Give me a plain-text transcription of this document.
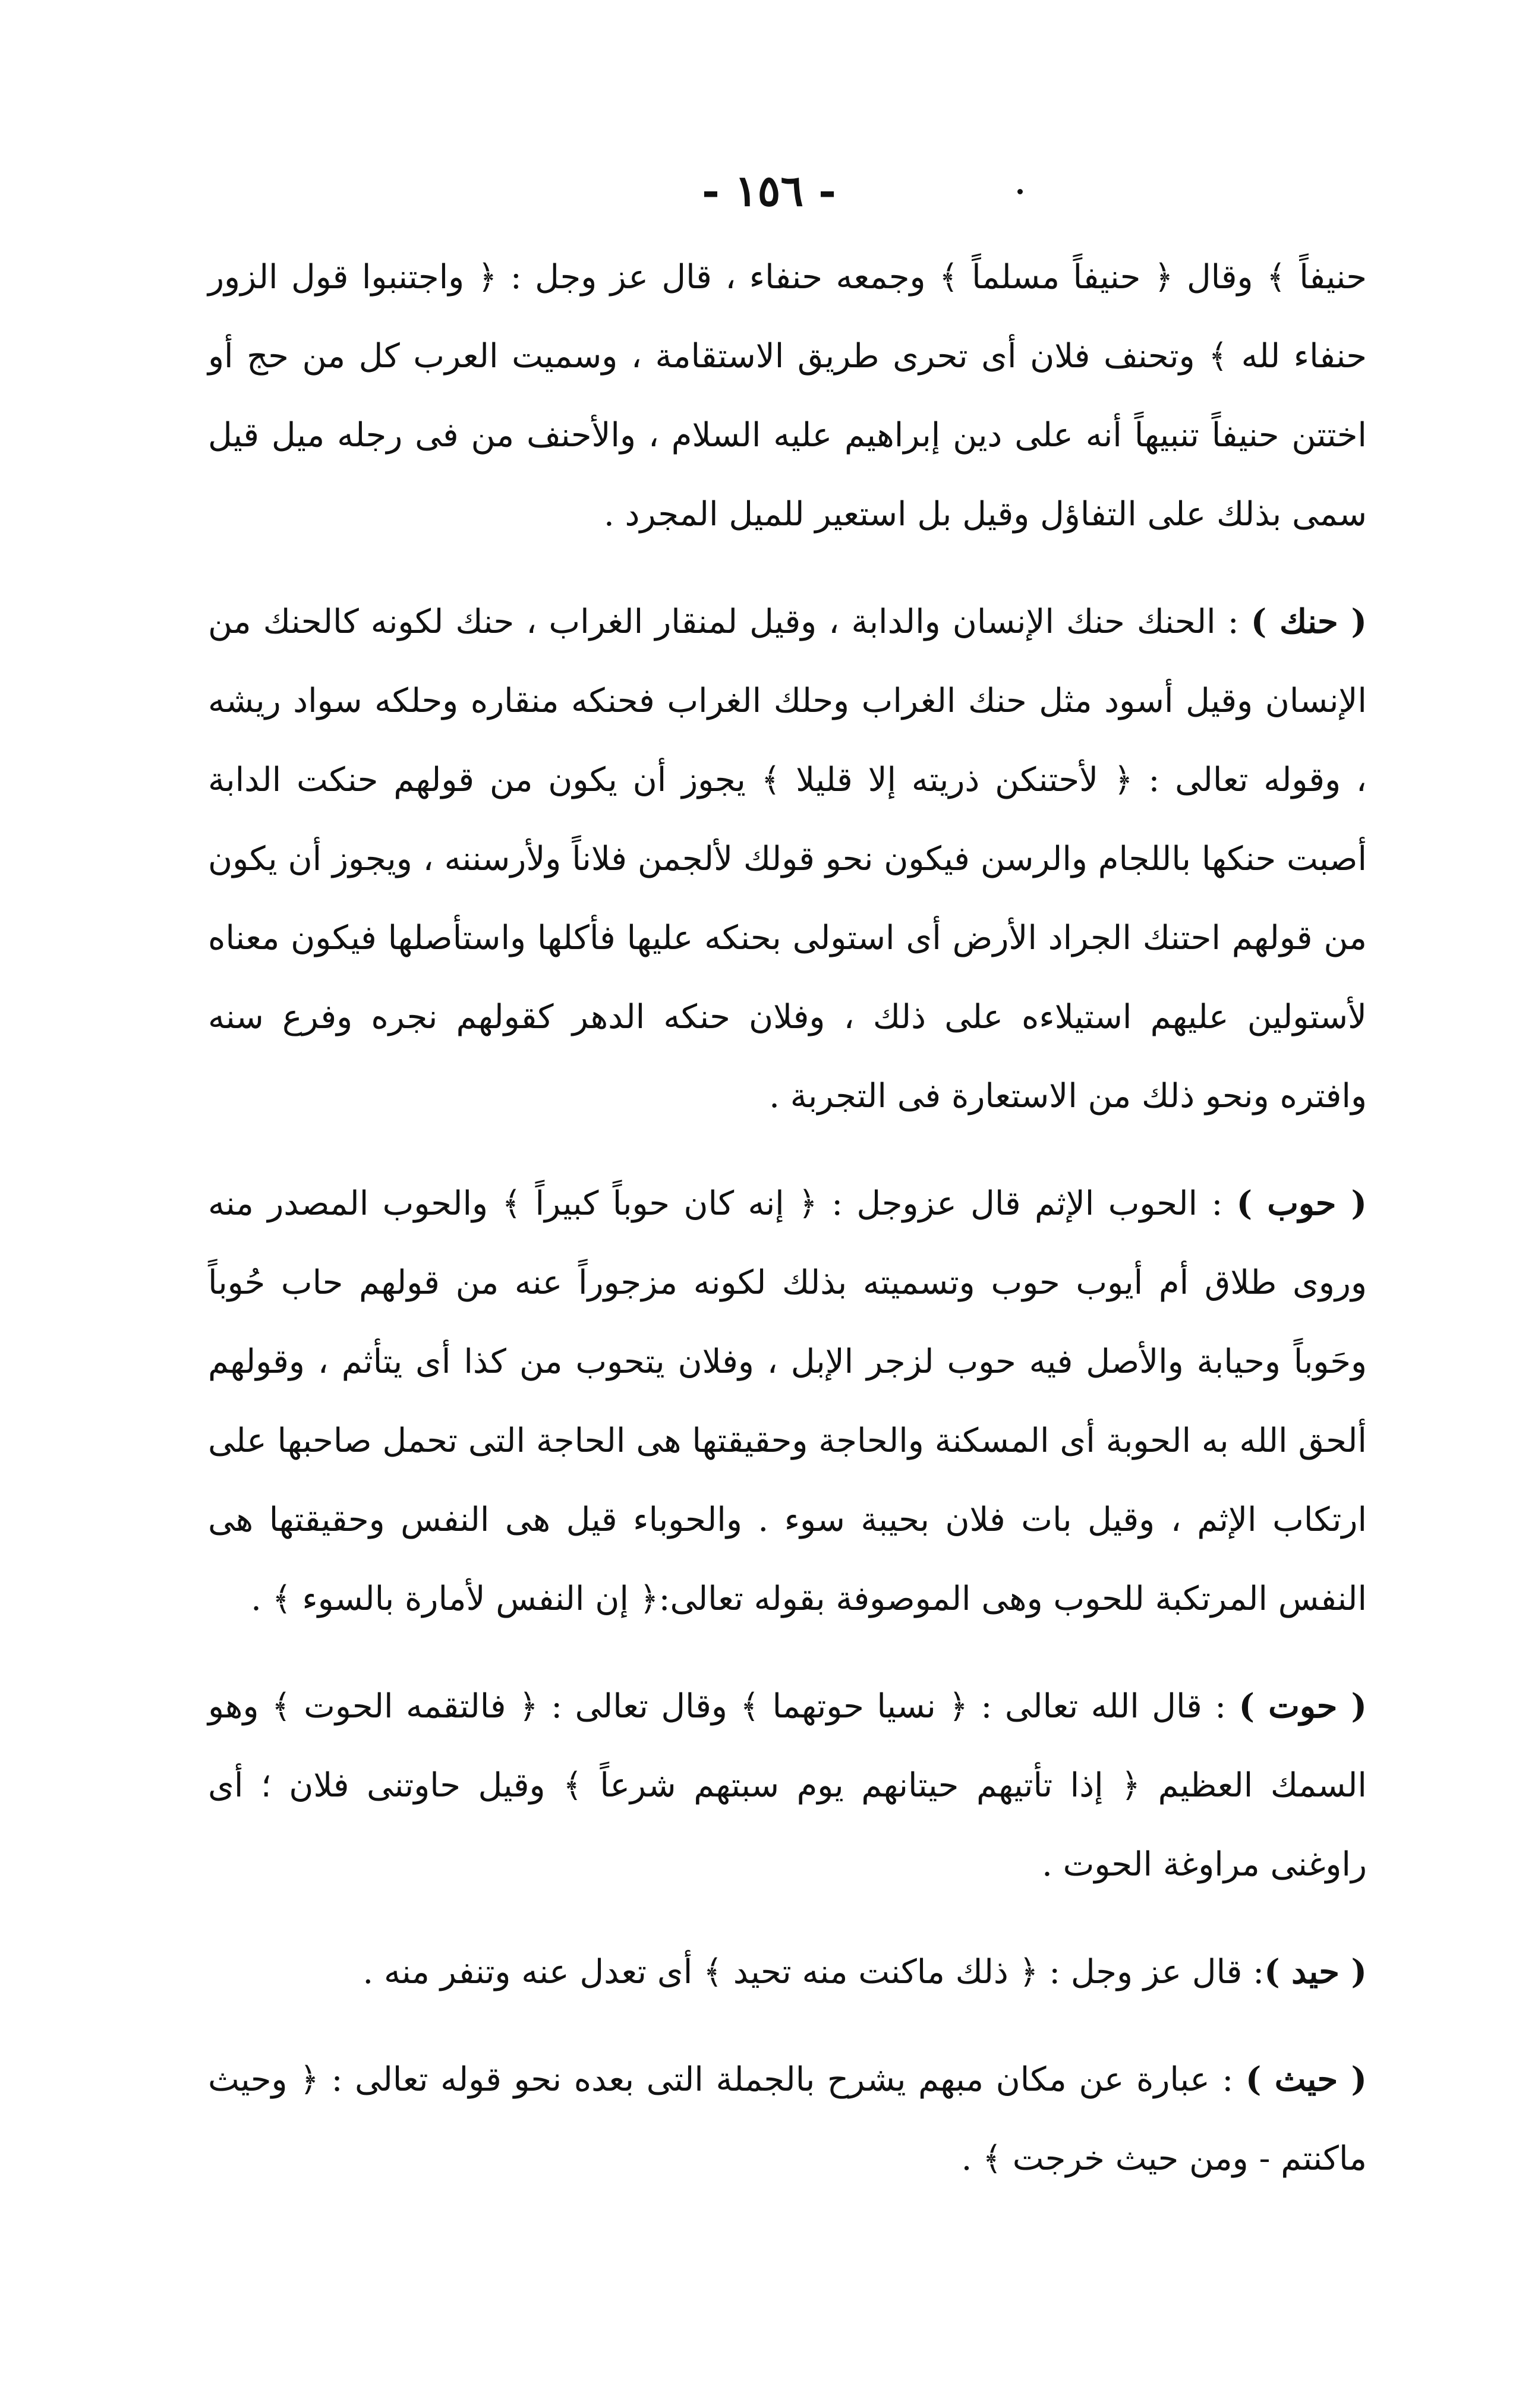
- ١٥٦ -

حنيفاً ﴾ وقال ﴿ حنيفاً مسلماً ﴾ وجمعه حنفاء ، قال عز وجل : ﴿ واجتنبوا قول الزور حنفاء لله ﴾ وتحنف فلان أى تحرى طريق الاستقامة ، وسميت العرب كل من حج أو اختتن حنيفاً تنبيهاً أنه على دين إبراهيم عليه السلام ، والأحنف من فى رجله ميل قيل سمى بذلك على التفاؤل وقيل بل استعير للميل المجرد .

( حنك ) : الحنك حنك الإنسان والدابة ، وقيل لمنقار الغراب ، حنك لكونه كالحنك من الإنسان وقيل أسود مثل حنك الغراب وحلك الغراب فحنكه منقاره وحلكه سواد ريشه ، وقوله تعالى : ﴿ لأحتنكن ذريته إلا قليلا ﴾ يجوز أن يكون من قولهم حنكت الدابة أصبت حنكها باللجام والرسن فيكون نحو قولك لألجمن فلاناً ولأرسننه ، ويجوز أن يكون من قولهم احتنك الجراد الأرض أى استولى بحنكه عليها فأكلها واستأصلها فيكون معناه لأستولين عليهم استيلاءه على ذلك ، وفلان حنكه الدهر كقولهم نجره وفرع سنه وافتره ونحو ذلك من الاستعارة فى التجربة .

( حوب ) : الحوب الإثم قال عزوجل : ﴿ إنه كان حوباً كبيراً ﴾ والحوب المصدر منه وروى طلاق أم أيوب حوب وتسميته بذلك لكونه مزجوراً عنه من قولهم حاب حُوباً وحَوباً وحيابة والأصل فيه حوب لزجر الإبل ، وفلان يتحوب من كذا أى يتأثم ، وقولهم ألحق الله به الحوبة أى المسكنة والحاجة وحقيقتها هى الحاجة التى تحمل صاحبها على ارتكاب الإثم ، وقيل بات فلان بحيبة سوء . والحوباء قيل هى النفس وحقيقتها هى النفس المرتكبة للحوب وهى الموصوفة بقوله تعالى:﴿ إن النفس لأمارة بالسوء ﴾ .

( حوت ) : قال الله تعالى : ﴿ نسيا حوتهما ﴾ وقال تعالى : ﴿ فالتقمه الحوت ﴾ وهو السمك العظيم ﴿ إذا تأتيهم حيتانهم يوم سبتهم شرعاً ﴾ وقيل حاوتنى فلان ؛ أى راوغنى مراوغة الحوت .

( حيد ): قال عز وجل : ﴿ ذلك ماكنت منه تحيد ﴾ أى تعدل عنه وتنفر منه .

( حيث ) : عبارة عن مكان مبهم يشرح بالجملة التى بعده نحو قوله تعالى : ﴿ وحيث ماكنتم - ومن حيث خرجت ﴾ .
